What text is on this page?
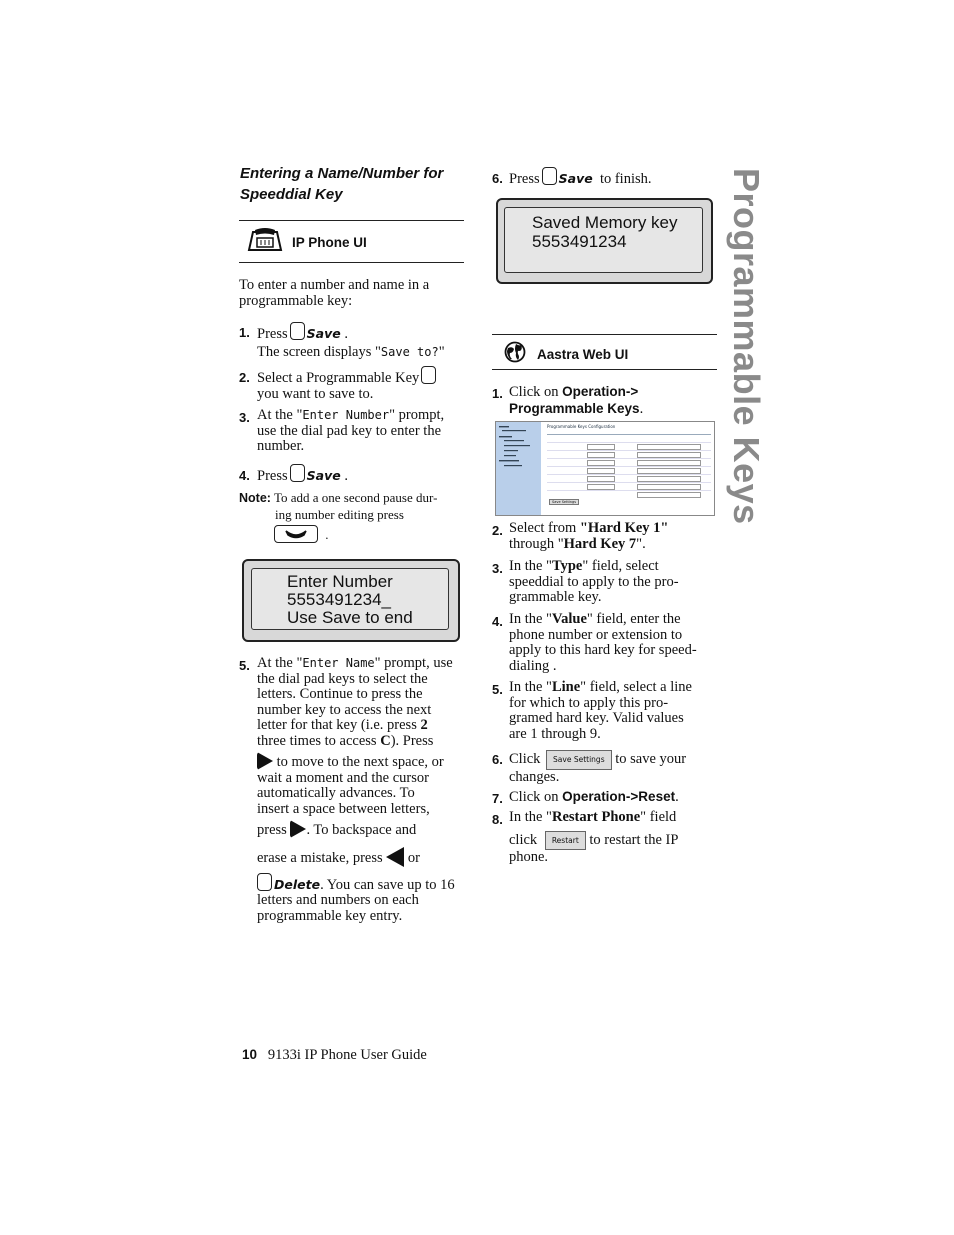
Entering a Name/Number for
Speeddial Key
IP Phone UI
To enter a number and name in a programmable key:
1. Press Save .
The screen displays "Save to?"
2. Select a Programmable Key
you want to save to.
3. At the "Enter Number" prompt,
use the dial pad key to enter the
number.
4. Press Save .
Note: To add a one second pause dur-
ing number editing press
.
Enter Number
5553491234_
Use Save to end
5. At the "Enter Name" prompt, use
the dial pad keys to select the
letters. Continue to press the
number key to access the next
letter for that key (i.e. press 2
three times to access C). Press
to move to the next space, or
wait a moment and the cursor
automatically advances. To
insert a space between letters,
press . To backspace and
erase a mistake, press or
Delete. You can save up to 16
letters and numbers on each
programmable key entry.
6. Press Save to finish.
Saved Memory key
5553491234
Aastra Web UI
1. Click on Operation->
Programmable Keys.
Programmable Keys Configuration
Save Settings
2. Select from "Hard Key 1"
through "Hard Key 7".
3. In the "Type" field, select
speeddial to apply to the pro-
grammable key.
4. In the "Value" field, enter the
phone number or extension to
apply to this hard key for speed-
dialing .
5. In the "Line" field, select a line
for which to apply this pro-
gramed hard key. Valid values
are 1 through 9.
6. Click Save Settings to save your
changes.
7. Click on Operation->Reset.
8. In the "Restart Phone" field
click Restart to restart the IP
phone.
Programmable Keys
10 9133i IP Phone User Guide
